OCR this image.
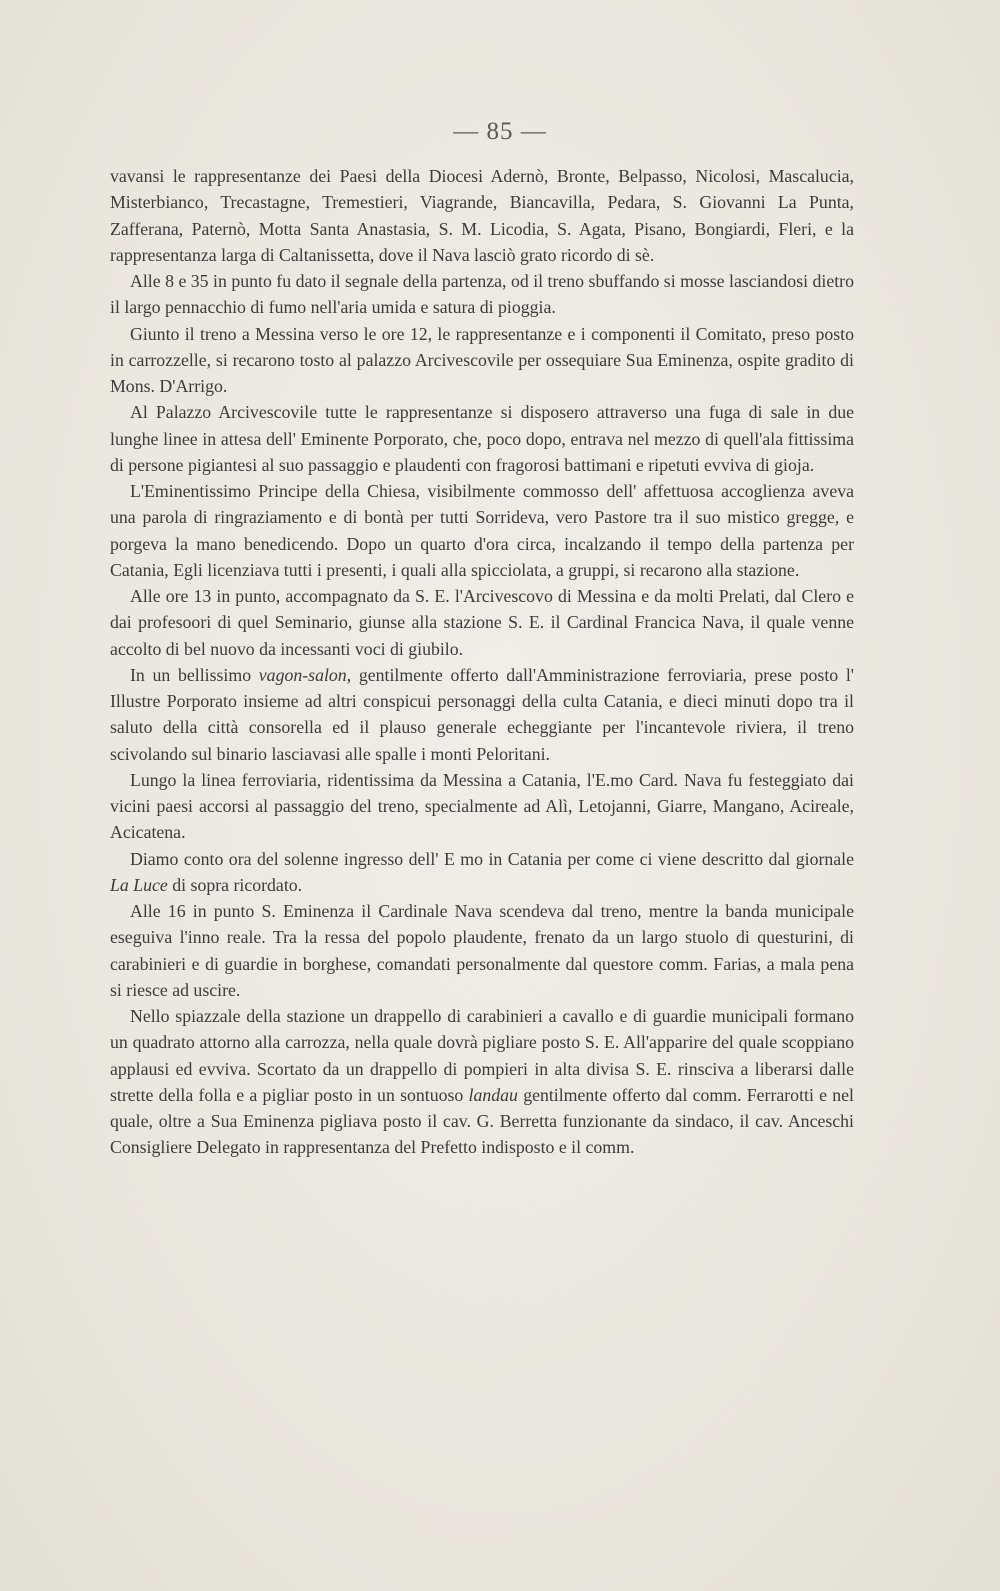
— 85 —

vavansi le rappresentanze dei Paesi della Diocesi Adernò, Bronte, Belpasso, Nicolosi, Mascalucia, Misterbianco, Trecastagne, Tremestieri, Viagrande, Biancavilla, Pedara, S. Giovanni La Punta, Zafferana, Paternò, Motta Santa Anastasia, S. M. Licodia, S. Agata, Pisano, Bongiardi, Fleri, e la rappresentanza larga di Caltanissetta, dove il Nava lasciò grato ricordo di sè.

Alle 8 e 35 in punto fu dato il segnale della partenza, od il treno sbuffando si mosse lasciandosi dietro il largo pennacchio di fumo nell'aria umida e satura di pioggia.

Giunto il treno a Messina verso le ore 12, le rappresentanze e i componenti il Comitato, preso posto in carrozzelle, si recarono tosto al palazzo Arcivescovile per ossequiare Sua Eminenza, ospite gradito di Mons. D'Arrigo.

Al Palazzo Arcivescovile tutte le rappresentanze si disposero attraverso una fuga di sale in due lunghe linee in attesa dell' Eminente Porporato, che, poco dopo, entrava nel mezzo di quell'ala fittissima di persone pigiantesi al suo passaggio e plaudenti con fragorosi battimani e ripetuti evviva di gioja.

L'Eminentissimo Principe della Chiesa, visibilmente commosso dell' affettuosa accoglienza aveva una parola di ringraziamento e di bontà per tutti Sorrideva, vero Pastore tra il suo mistico gregge, e porgeva la mano benedicendo. Dopo un quarto d'ora circa, incalzando il tempo della partenza per Catania, Egli licenziava tutti i presenti, i quali alla spicciolata, a gruppi, si recarono alla stazione.

Alle ore 13 in punto, accompagnato da S. E. l'Arcivescovo di Messina e da molti Prelati, dal Clero e dai profesoori di quel Seminario, giunse alla stazione S. E. il Cardinal Francica Nava, il quale venne accolto di bel nuovo da incessanti voci di giubilo.

In un bellissimo vagon-salon, gentilmente offerto dall'Amministrazione ferroviaria, prese posto l' Illustre Porporato insieme ad altri conspicui personaggi della culta Catania, e dieci minuti dopo tra il saluto della città consorella ed il plauso generale echeggiante per l'incantevole riviera, il treno scivolando sul binario lasciavasi alle spalle i monti Peloritani.

Lungo la linea ferroviaria, ridentissima da Messina a Catania, l'E.mo Card. Nava fu festeggiato dai vicini paesi accorsi al passaggio del treno, specialmente ad Alì, Letojanni, Giarre, Mangano, Acireale, Acicatena.

Diamo conto ora del solenne ingresso dell' E mo in Catania per come ci viene descritto dal giornale La Luce di sopra ricordato.

Alle 16 in punto S. Eminenza il Cardinale Nava scendeva dal treno, mentre la banda municipale eseguiva l'inno reale. Tra la ressa del popolo plaudente, frenato da un largo stuolo di questurini, di carabinieri e di guardie in borghese, comandati personalmente dal questore comm. Farias, a mala pena si riesce ad uscire.

Nello spiazzale della stazione un drappello di carabinieri a cavallo e di guardie municipali formano un quadrato attorno alla carrozza, nella quale dovrà pigliare posto S. E. All'apparire del quale scoppiano applausi ed evviva. Scortato da un drappello di pompieri in alta divisa S. E. rinsciva a liberarsi dalle strette della folla e a pigliar posto in un sontuoso landau gentilmente offerto dal comm. Ferrarotti e nel quale, oltre a Sua Eminenza pigliava posto il cav. G. Berretta funzionante da sindaco, il cav. Anceschi Consigliere Delegato in rappresentanza del Prefetto indisposto e il comm.
